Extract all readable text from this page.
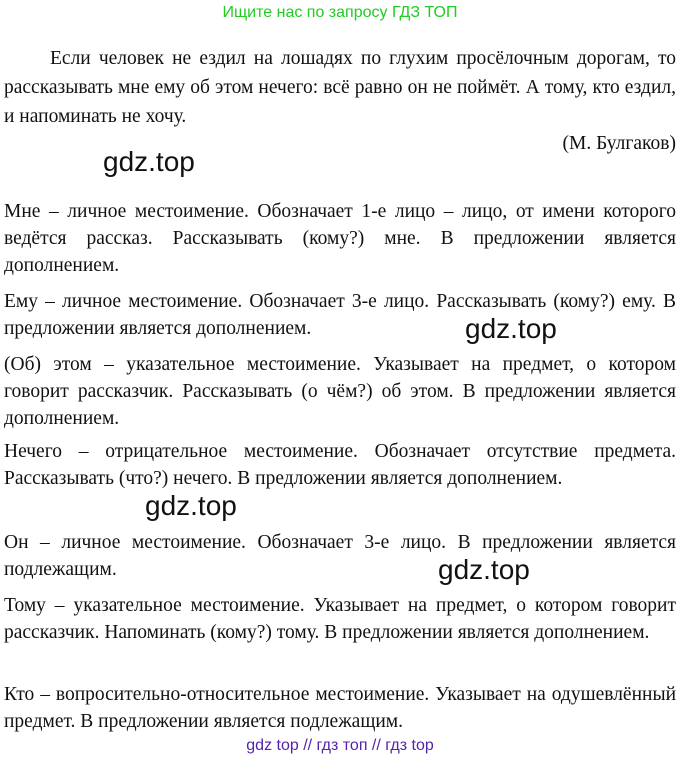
Ищите нас по запросу ГДЗ ТОП

Если человек не ездил на лошадях по глухим просёлочным дорогам, то рассказывать мне ему об этом нечего: всё равно он не поймёт. А тому, кто ездил, и напоминать не хочу.

(М. Булгаков)
gdz.top

Мне – личное местоимение. Обозначает 1-е лицо – лицо, от имени которого ведётся рассказ. Рассказывать (кому?) мне. В предложении является дополнением.

Ему – личное местоимение. Обозначает 3-е лицо. Рассказывать (кому?) ему. В предложении является дополнением.	gdz.top

(Об) этом – указательное местоимение. Указывает на предмет, о котором говорит рассказчик. Рассказывать (о чём?) об этом. В предложении является дополнением.

Нечего – отрицательное местоимение. Обозначает отсутствие предмета. Рассказывать (что?) нечего. В предложении является дополнением.

gdz.top

Он – личное местоимение. Обозначает 3-е лицо. В предложении является подлежащим.	gdz.top

Тому – указательное местоимение. Указывает на предмет, о котором говорит рассказчик. Напоминать (кому?) тому. В предложении является дополнением.

Кто – вопросительно-относительное местоимение. Указывает на одушевлённый предмет. В предложении является подлежащим.

gdz top // гдз топ // гдз top
